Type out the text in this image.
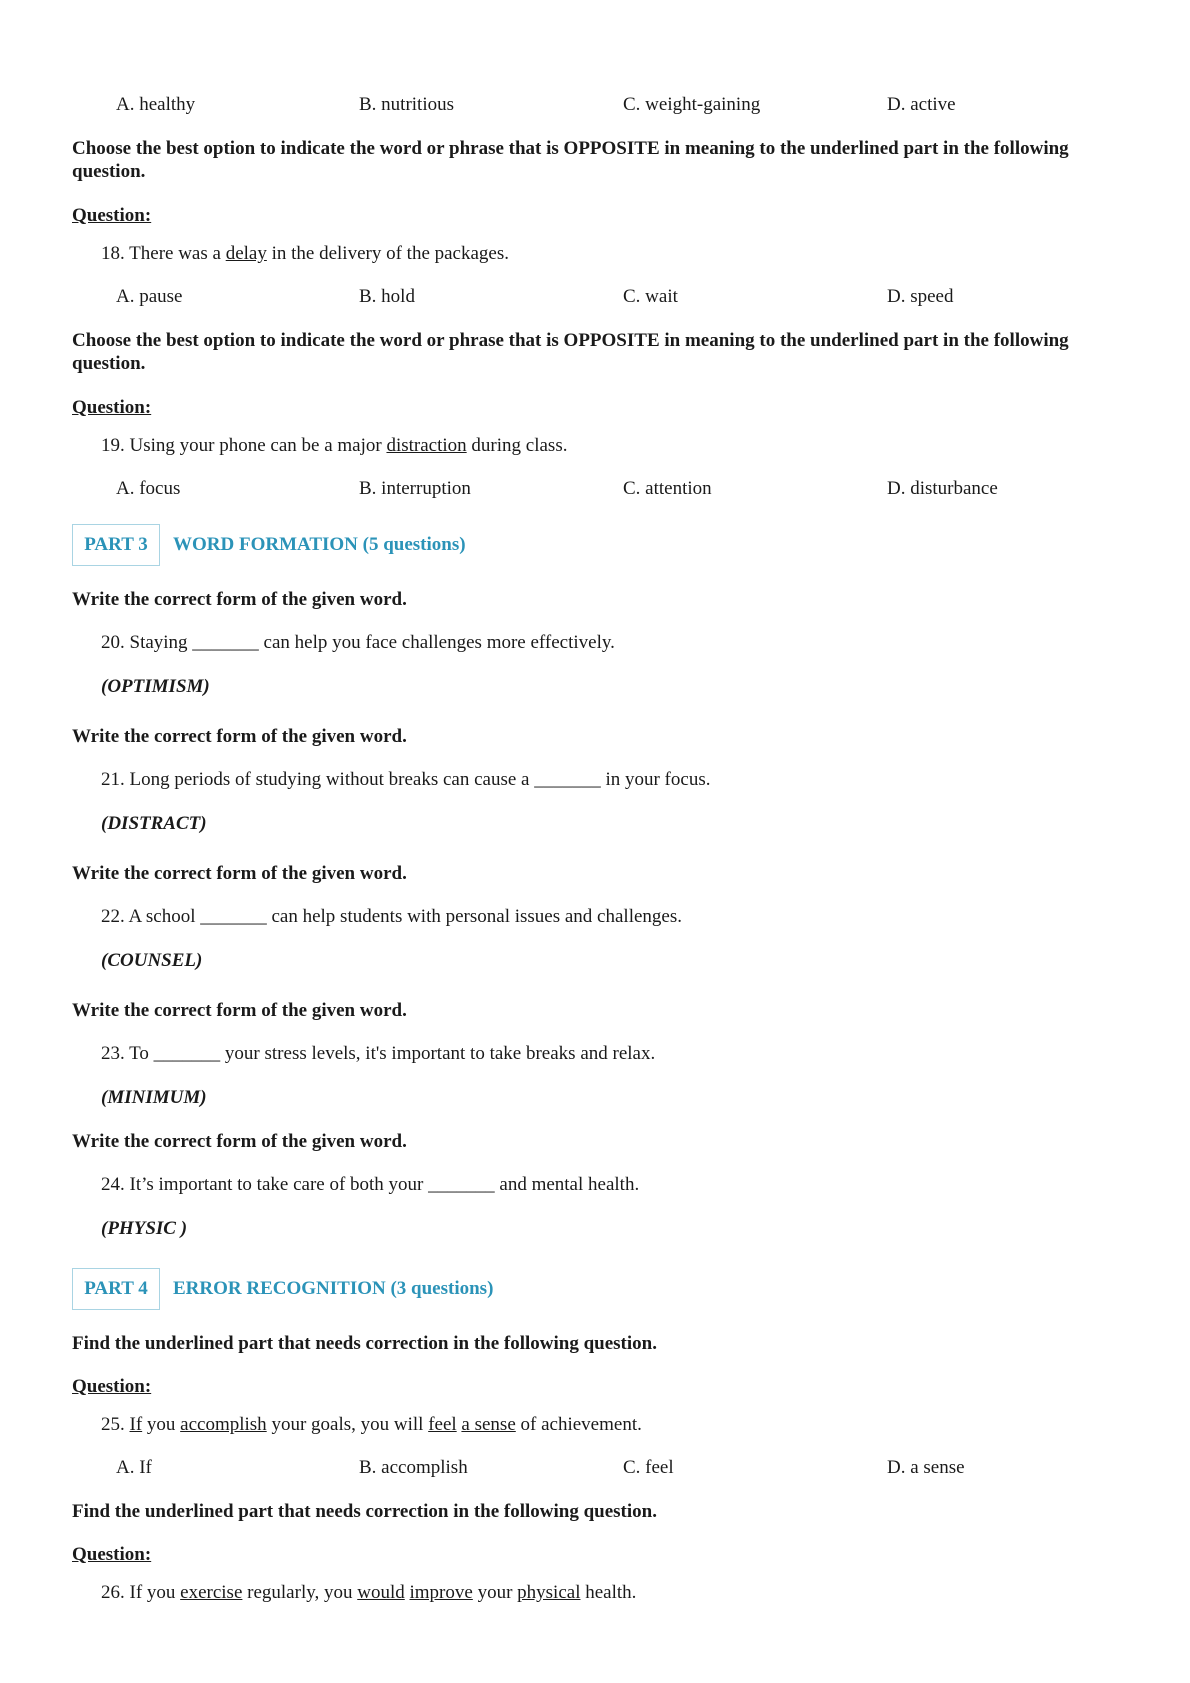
A. healthy	B. nutritious	C. weight-gaining	D. active
Choose the best option to indicate the word or phrase that is OPPOSITE in meaning to the underlined part in the following question.
Question:
18. There was a delay in the delivery of the packages.
A. pause	B. hold	C. wait	D. speed
Choose the best option to indicate the word or phrase that is OPPOSITE in meaning to the underlined part in the following question.
Question:
19. Using your phone can be a major distraction during class.
A. focus	B. interruption	C. attention	D. disturbance
PART 3	WORD FORMATION (5 questions)
Write the correct form of the given word.
20. Staying _______ can help you face challenges more effectively.
(OPTIMISM)
Write the correct form of the given word.
21. Long periods of studying without breaks can cause a _______ in your focus.
(DISTRACT)
Write the correct form of the given word.
22. A school _______ can help students with personal issues and challenges.
(COUNSEL)
Write the correct form of the given word.
23. To _______ your stress levels, it's important to take breaks and relax.
(MINIMUM)
Write the correct form of the given word.
24. It’s important to take care of both your _______ and mental health.
(PHYSIC )
PART 4	ERROR RECOGNITION (3 questions)
Find the underlined part that needs correction in the following question.
Question:
25. If you accomplish your goals, you will feel a sense of achievement.
A. If	B. accomplish	C. feel	D. a sense
Find the underlined part that needs correction in the following question.
Question:
26. If you exercise regularly, you would improve your physical health.
